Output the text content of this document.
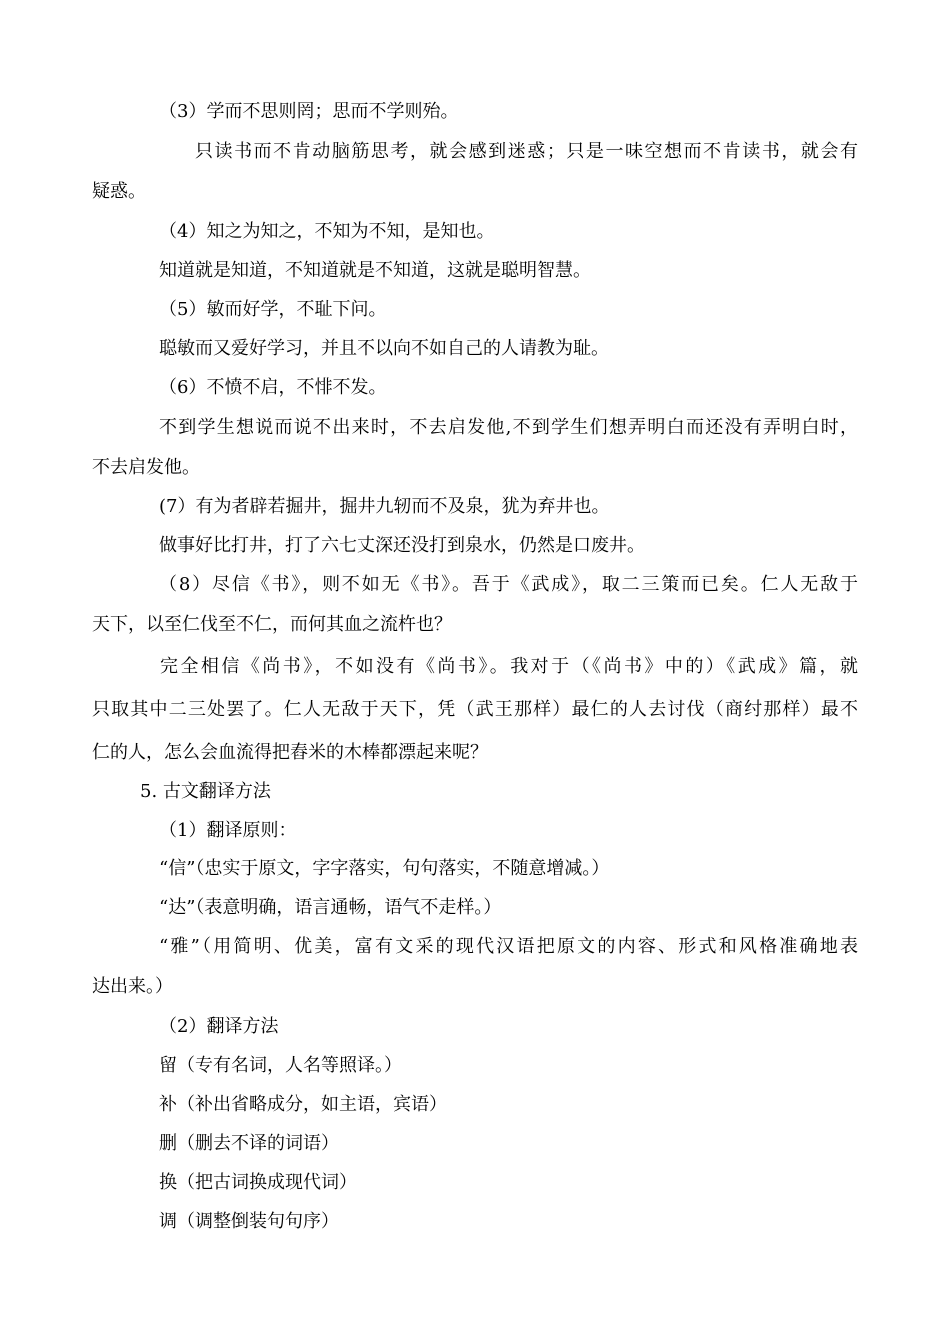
（3）学而不思则罔；思而不学则殆。
只读书而不肯动脑筋思考，就会感到迷惑；只是一味空想而不肯读书，就会有
疑惑。
（4）知之为知之，不知为不知，是知也。
知道就是知道，不知道就是不知道，这就是聪明智慧。
（5）敏而好学，不耻下问。
聪敏而又爱好学习，并且不以向不如自己的人请教为耻。
（6）不愤不启，不悱不发。
不到学生想说而说不出来时，不去启发他,不到学生们想弄明白而还没有弄明白时，
不去启发他。
(7）有为者辟若掘井，掘井九轫而不及泉，犹为弃井也。
做事好比打井，打了六七丈深还没打到泉水，仍然是口废井。
（8）尽信《书》，则不如无《书》。吾于《武成》，取二三策而已矣。仁人无敌于
天下，以至仁伐至不仁，而何其血之流杵也？
完全相信《尚书》，不如没有《尚书》。我对于（《尚书》中的）《武成》篇，就
只取其中二三处罢了。仁人无敌于天下，凭（武王那样）最仁的人去讨伐（商纣那样）最不
仁的人，怎么会血流得把舂米的木棒都漂起来呢？
5. 古文翻译方法
（1）翻译原则：
“信”（忠实于原文，字字落实，句句落实，不随意增减。）
“达”（表意明确，语言通畅，语气不走样。）
“雅”（用简明、优美，富有文采的现代汉语把原文的内容、形式和风格准确地表
达出来。）
（2）翻译方法
留（专有名词，人名等照译。）
补（补出省略成分，如主语，宾语）
删（删去不译的词语）
换（把古词换成现代词）
调（调整倒装句句序）
